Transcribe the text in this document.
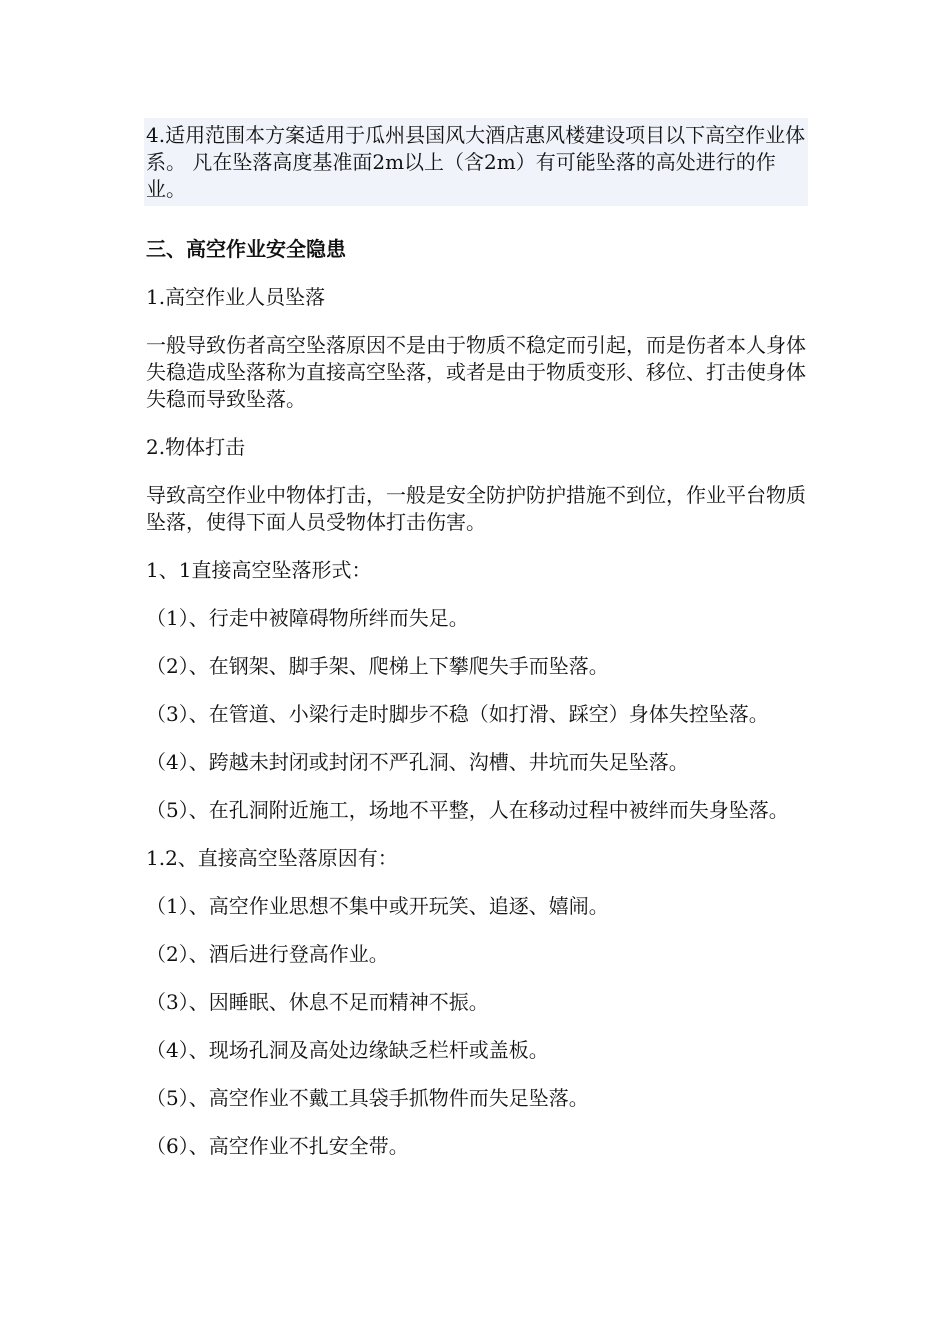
4.适用范围本方案适用于瓜州县国风大酒店惠风楼建设项目以下高空作业体系。 凡在坠落高度基准面2m以上（含2m）有可能坠落的高处进行的作业。

三、高空作业安全隐患

1.高空作业人员坠落

一般导致伤者高空坠落原因不是由于物质不稳定而引起，而是伤者本人身体失稳造成坠落称为直接高空坠落，或者是由于物质变形、移位、打击使身体失稳而导致坠落。

2.物体打击

导致高空作业中物体打击，一般是安全防护防护措施不到位，作业平台物质坠落，使得下面人员受物体打击伤害。

1、1直接高空坠落形式：

（1）、行走中被障碍物所绊而失足。

（2）、在钢架、脚手架、爬梯上下攀爬失手而坠落。

（3）、在管道、小梁行走时脚步不稳（如打滑、踩空）身体失控坠落。

（4）、跨越未封闭或封闭不严孔洞、沟槽、井坑而失足坠落。

（5）、在孔洞附近施工，场地不平整，人在移动过程中被绊而失身坠落。

1.2、直接高空坠落原因有：

（1）、高空作业思想不集中或开玩笑、追逐、嬉闹。

（2）、酒后进行登高作业。

（3）、因睡眠、休息不足而精神不振。

（4）、现场孔洞及高处边缘缺乏栏杆或盖板。

（5）、高空作业不戴工具袋手抓物件而失足坠落。

（6）、高空作业不扎安全带。
